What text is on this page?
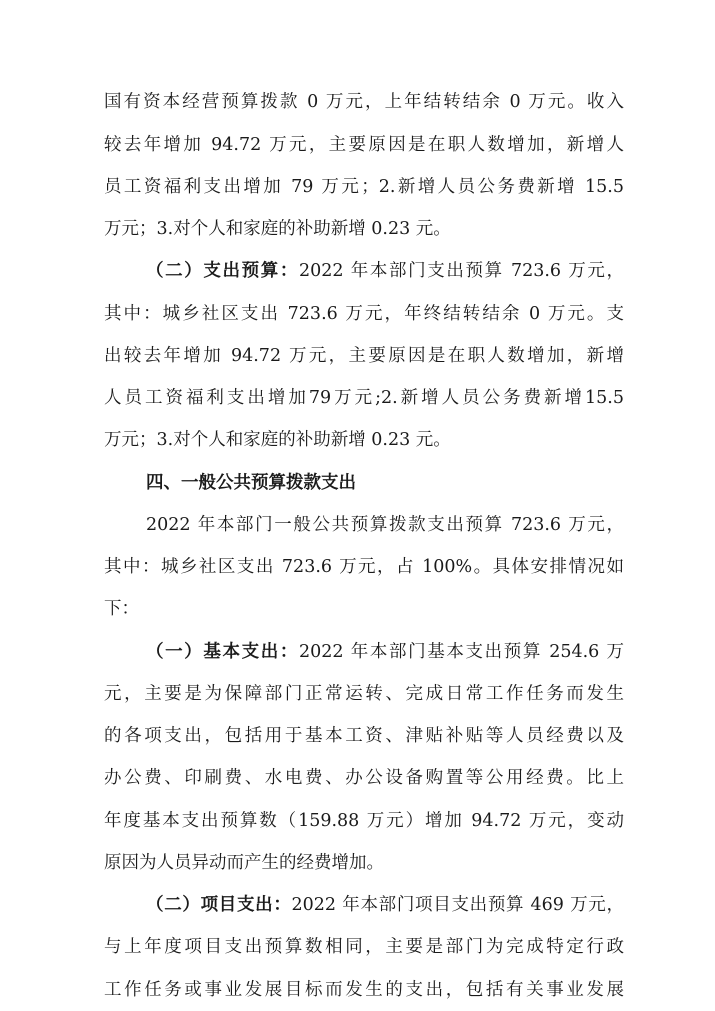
国有资本经营预算拨款 0 万元，上年结转结余 0 万元。收入
较去年增加 94.72 万元，主要原因是在职人数增加，新增人
员工资福利支出增加 79 万元；2.新增人员公务费新增 15.5
万元；3.对个人和家庭的补助新增 0.23 元。
（二）支出预算：2022 年本部门支出预算 723.6 万元，
其中：城乡社区支出 723.6 万元，年终结转结余 0 万元。支
出较去年增加 94.72 万元，主要原因是在职人数增加，新增
人员工资福利支出增加79万元;2.新增人员公务费新增15.5
万元；3.对个人和家庭的补助新增 0.23 元。
四、一般公共预算拨款支出
2022 年本部门一般公共预算拨款支出预算 723.6 万元，
其中：城乡社区支出 723.6 万元，占 100%。具体安排情况如
下：
（一）基本支出：2022 年本部门基本支出预算 254.6 万
元，主要是为保障部门正常运转、完成日常工作任务而发生
的各项支出，包括用于基本工资、津贴补贴等人员经费以及
办公费、印刷费、水电费、办公设备购置等公用经费。比上
年度基本支出预算数（159.88 万元）增加 94.72 万元，变动
原因为人员异动而产生的经费增加。
（二）项目支出：2022 年本部门项目支出预算 469 万元，
与上年度项目支出预算数相同，主要是部门为完成特定行政
工作任务或事业发展目标而发生的支出，包括有关事业发展
